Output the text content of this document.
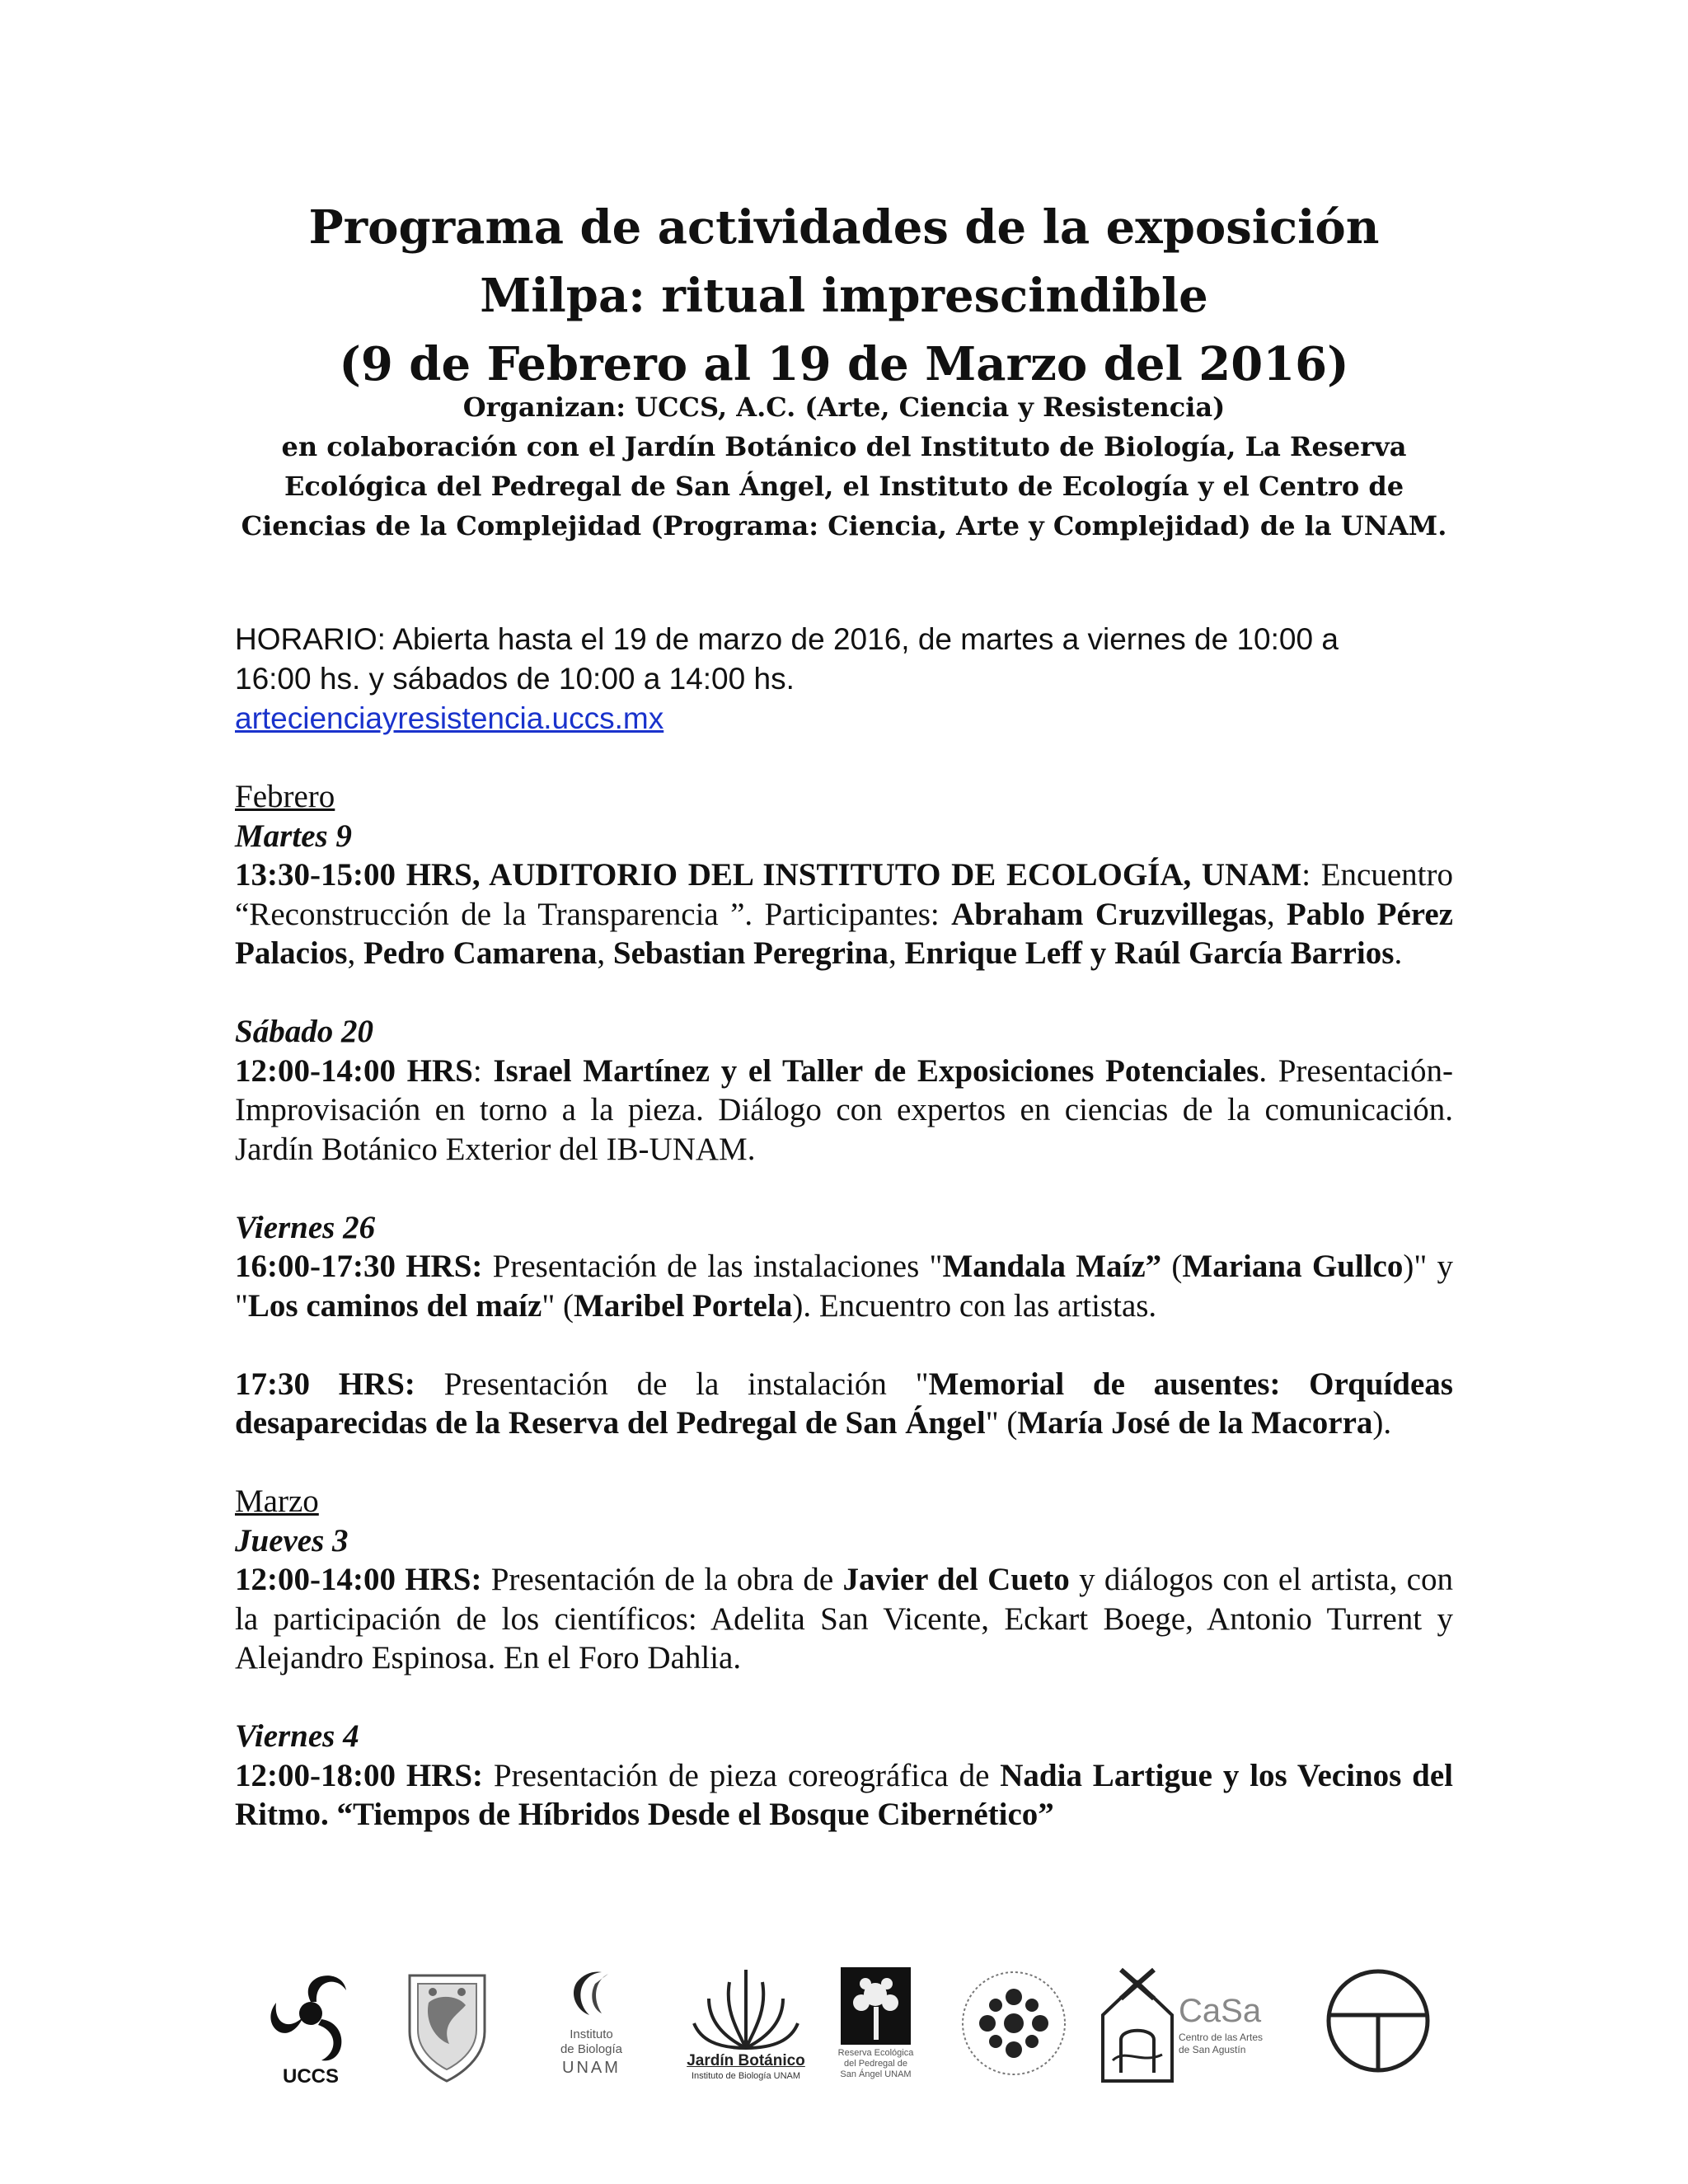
Programa de actividades de la exposición
Milpa: ritual imprescindible
(9 de Febrero al 19 de Marzo del 2016)
Organizan: UCCS, A.C. (Arte, Ciencia y Resistencia)
en colaboración con el Jardín Botánico del Instituto de Biología, La Reserva
Ecológica del Pedregal de San Ángel, el Instituto de Ecología y el Centro de
Ciencias de la Complejidad (Programa: Ciencia, Arte y Complejidad) de la UNAM.
HORARIO: Abierta hasta el 19 de marzo de 2016, de martes a viernes de 10:00 a
16:00 hs. y sábados de 10:00 a 14:00 hs.
artecienciayresistencia.uccs.mx

Febrero

Martes 9

13:30-15:00 HRS, AUDITORIO DEL INSTITUTO DE ECOLOGÍA, UNAM: Encuentro “Reconstrucción de la Transparencia ”. Participantes: Abraham Cruzvillegas, Pablo Pérez Palacios, Pedro Camarena, Sebastian Peregrina, Enrique Leff y Raúl García Barrios.

Sábado 20

12:00-14:00 HRS: Israel Martínez y el Taller de Exposiciones Potenciales. Presentación-Improvisación en torno a la pieza. Diálogo con expertos en ciencias de la comunicación. Jardín Botánico Exterior del IB-UNAM.

Viernes 26

16:00-17:30 HRS: Presentación de las instalaciones "Mandala Maíz” (Mariana Gullco)" y "Los caminos del maíz" (Maribel Portela). Encuentro con las artistas.

17:30 HRS: Presentación de la instalación "Memorial de ausentes: Orquídeas desaparecidas de la Reserva del Pedregal de San Ángel" (María José de la Macorra).

Marzo

Jueves 3

12:00-14:00 HRS: Presentación de la obra de Javier del Cueto y diálogos con el artista, con la participación de los científicos: Adelita San Vicente, Eckart Boege, Antonio Turrent y Alejandro Espinosa. En el Foro Dahlia.

Viernes 4

12:00-18:00 HRS: Presentación de pieza coreográfica de Nadia Lartigue y los Vecinos del Ritmo. “Tiempos de Híbridos Desde el Bosque Cibernético”

UCCS
Instituto
de Biología
UNAM	Jardín Botánico
Instituto de Biología UNAM
Reserva Ecológica
del Pedregal de
San Ángel UNAM
CaSa
Centro de las Artes
de San Agustín
